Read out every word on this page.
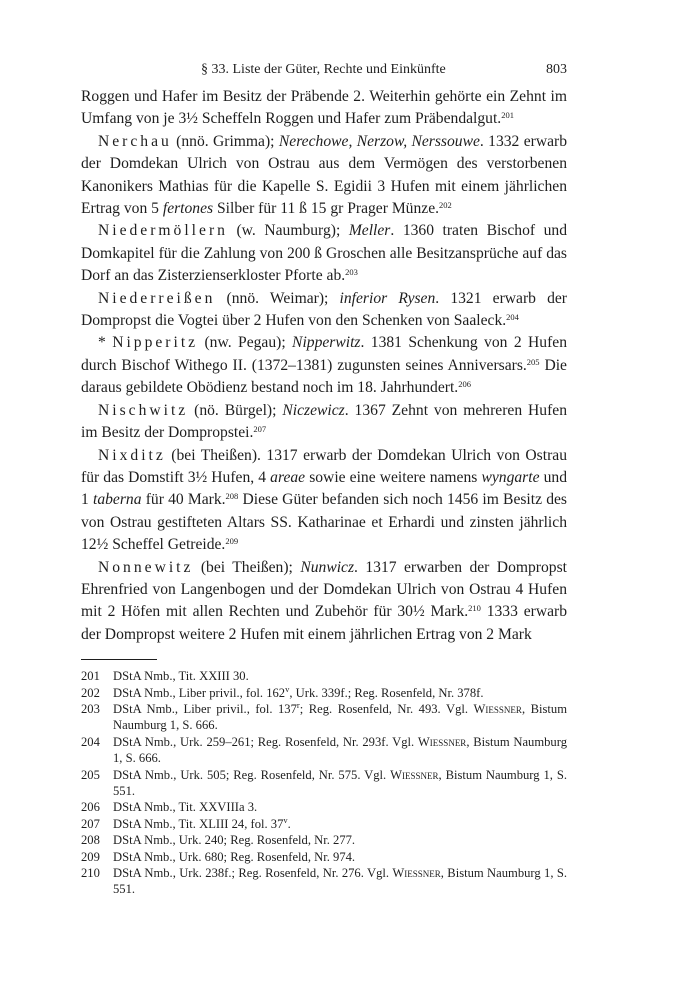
§ 33. Liste der Güter, Rechte und Einkünfte	803

Roggen und Hafer im Besitz der Präbende 2. Weiterhin gehörte ein Zehnt im Umfang von je 3½ Scheffeln Roggen und Hafer zum Präbendalgut.$^{201}$

Nerchau (nnö. Grimma); Nerechowe, Nerzow, Nerssouwe. 1332 erwarb der Domdekan Ulrich von Ostrau aus dem Vermögen des verstorbenen Kanonikers Mathias für die Kapelle S. Egidii 3 Hufen mit einem jährlichen Ertrag von 5 fertones Silber für 11 ß 15 gr Prager Münze.$^{202}$

Niedermöllern (w. Naumburg); Meller. 1360 traten Bischof und Domkapitel für die Zahlung von 200 ß Groschen alle Besitzansprüche auf das Dorf an das Zisterzienserkloster Pforte ab.$^{203}$

Niederreißen (nnö. Weimar); inferior Rysen. 1321 erwarb der Dompropst die Vogtei über 2 Hufen von den Schenken von Saaleck.$^{204}$

* Nipperitz (nw. Pegau); Nipperwitz. 1381 Schenkung von 2 Hufen durch Bischof Withego II. (1372–1381) zugunsten seines Anniversars.$^{205}$ Die daraus gebildete Obödienz bestand noch im 18. Jahrhundert.$^{206}$

Nischwitz (nö. Bürgel); Niczewicz. 1367 Zehnt von mehreren Hufen im Besitz der Dompropstei.$^{207}$

Nixditz (bei Theißen). 1317 erwarb der Domdekan Ulrich von Ostrau für das Domstift 3½ Hufen, 4 areae sowie eine weitere namens wyngarte und 1 taberna für 40 Mark.$^{208}$ Diese Güter befanden sich noch 1456 im Besitz des von Ostrau gestifteten Altars SS. Katharinae et Erhardi und zinsten jährlich 12½ Scheffel Getreide.$^{209}$

Nonnewitz (bei Theißen); Nunwicz. 1317 erwarben der Dompropst Ehrenfried von Langenbogen und der Domdekan Ulrich von Ostrau 4 Hufen mit 2 Höfen mit allen Rechten und Zubehör für 30½ Mark.$^{210}$ 1333 erwarb der Dompropst weitere 2 Hufen mit einem jährlichen Ertrag von 2 Mark

201	DStA Nmb., Tit. XXIII 30.
202	DStA Nmb., Liber privil., fol. 162$^v$, Urk. 339f.; Reg. Rosenfeld, Nr. 378f.
203	DStA Nmb., Liber privil., fol. 137$^r$; Reg. Rosenfeld, Nr. 493. Vgl. Wiessner, Bistum Naumburg 1, S. 666.
204	DStA Nmb., Urk. 259–261; Reg. Rosenfeld, Nr. 293f. Vgl. Wiessner, Bistum Naumburg 1, S. 666.
205	DStA Nmb., Urk. 505; Reg. Rosenfeld, Nr. 575. Vgl. Wiessner, Bistum Naumburg 1, S. 551.
206	DStA Nmb., Tit. XXVIIIa 3.
207	DStA Nmb., Tit. XLIII 24, fol. 37$^v$.
208	DStA Nmb., Urk. 240; Reg. Rosenfeld, Nr. 277.
209	DStA Nmb., Urk. 680; Reg. Rosenfeld, Nr. 974.
210	DStA Nmb., Urk. 238f.; Reg. Rosenfeld, Nr. 276. Vgl. Wiessner, Bistum Naumburg 1, S. 551.
